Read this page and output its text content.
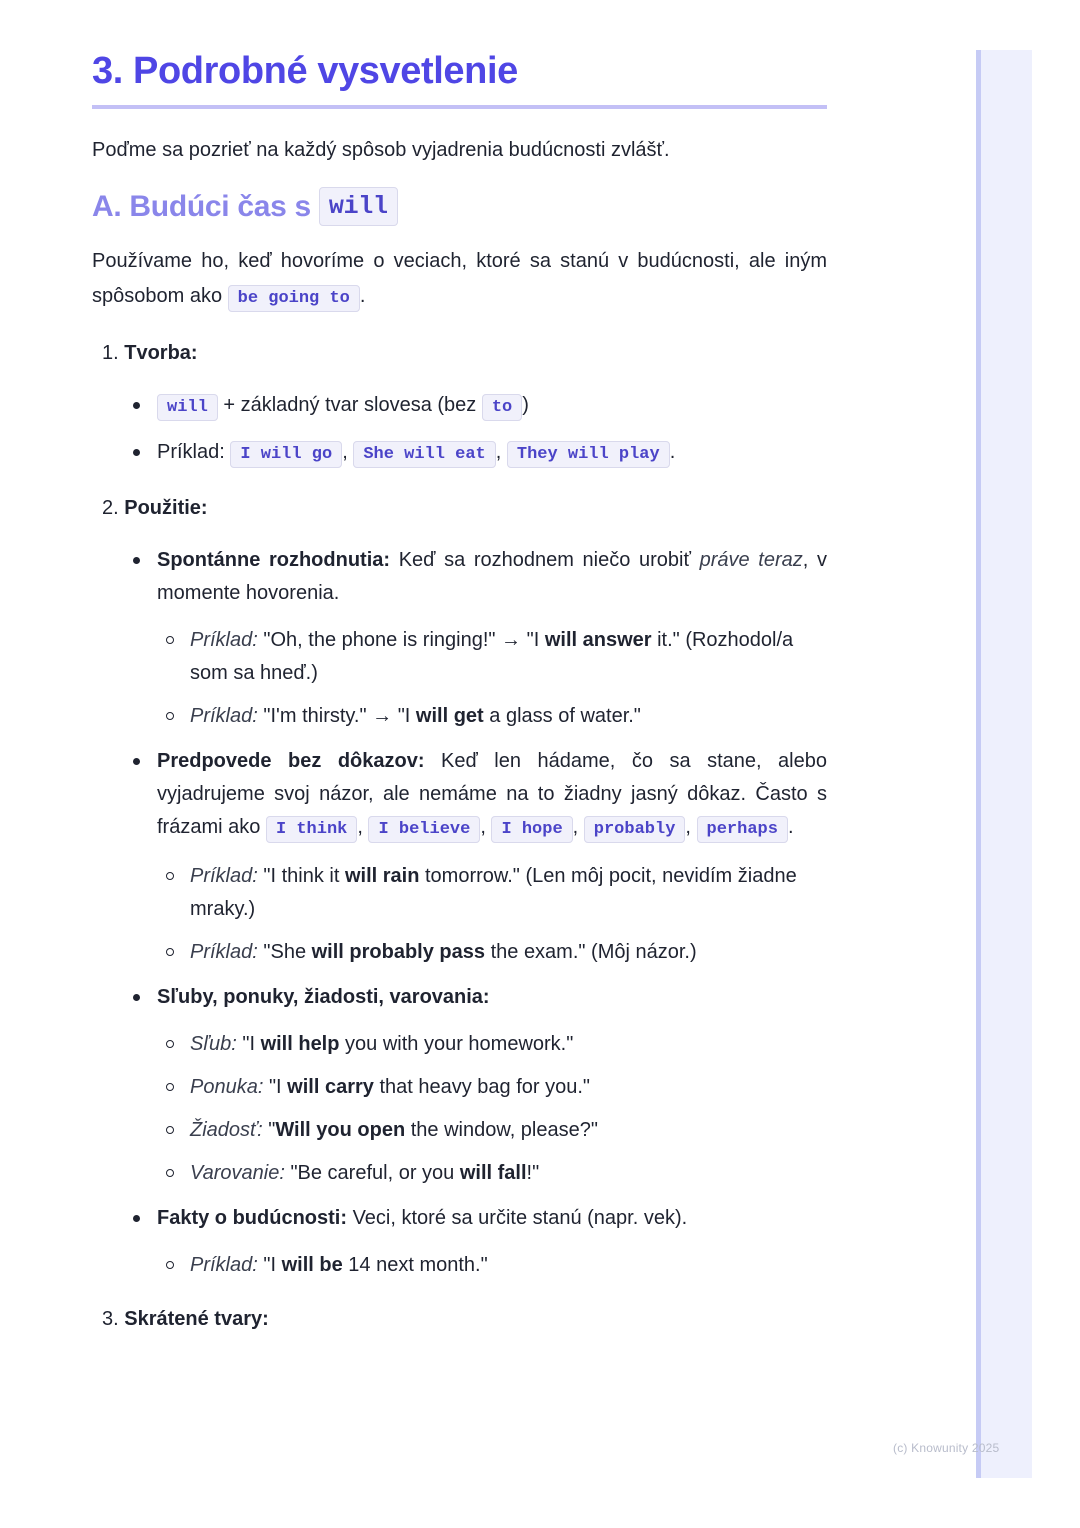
3. Podrobné vysvetlenie

Poďme sa pozrieť na každý spôsob vyjadrenia budúcnosti zvlášť.

A. Budúci čas s will

Používame ho, keď hovoríme o veciach, ktoré sa stanú v budúcnosti, ale iným spôsobom ako be going to .

1. Tvorba:
will + základný tvar slovesa (bez to )
Príklad: I will go , She will eat , They will play .
2. Použitie:
Spontánne rozhodnutia: Keď sa rozhodnem niečo urobiť práve teraz, v momente hovorenia.
Príklad: "Oh, the phone is ringing!" → "I will answer it." (Rozhodol/a som sa hneď.)
Príklad: "I'm thirsty." → "I will get a glass of water."
Predpovede bez dôkazov: Keď len hádame, čo sa stane, alebo vyjadrujeme svoj názor, ale nemáme na to žiadny jasný dôkaz. Často s frázami ako I think , I believe , I hope , probably , perhaps .
Príklad: "I think it will rain tomorrow." (Len môj pocit, nevidím žiadne mraky.)
Príklad: "She will probably pass the exam." (Môj názor.)
Sľuby, ponuky, žiadosti, varovania:
Sľub: "I will help you with your homework."
Ponuka: "I will carry that heavy bag for you."
Žiadosť: "Will you open the window, please?"
Varovanie: "Be careful, or you will fall!"
Fakty o budúcnosti: Veci, ktoré sa určite stanú (napr. vek).
Príklad: "I will be 14 next month."
3. Skrátené tvary:
(c) Knowunity 2025
